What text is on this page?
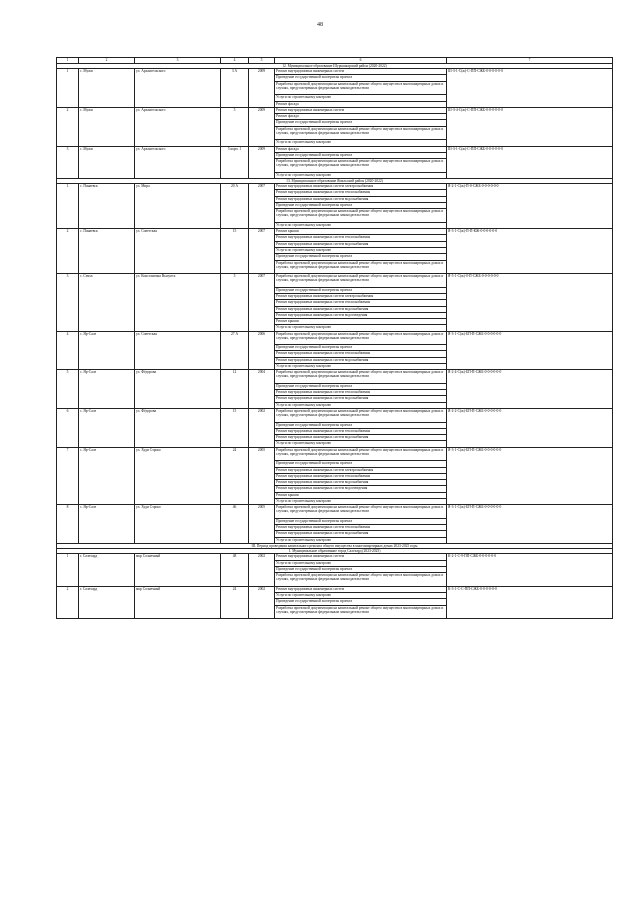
48
1	2	3	4	5	6	7
12. Муниципальное образование Шурышкарский район (2020-2022)						
1	с. Мужи	ул. Архангельского	3 А	2009	Ремонт внутридомовых инженерных систем	Ш-З-1-С(ж)-С-ПП-СЖБ-0-0-0-0-0-0
					Проведение государственной экспертизы проекта	
					Разработка проектной документации на капитальный ремонт общего имущества в многоквартирных домах и случаях, предусмотренных федеральным законодательством	
					Услуги по строительному контролю	
					Ремонт фасада	
2	с. Мужи	ул. Архангельского	5	2009	Ремонт внутридомовых инженерных систем	Ш-З-4-С(ж)-С-ПП-СЖБ-0-0-0-0-0-0
					Ремонт фасада	
					Проведение государственной экспертизы проекта	
					Разработка проектной документации на капитальный ремонт общего имущества в многоквартирных домах и случаях, предусмотренных федеральным законодательством	
					Услуги по строительному контролю	
3	с. Мужи	ул. Архангельского	5 корп. 1	2009	Ремонт фасада	Ш-З-1-С(ж)-С-ПП-СЖБ-0-0-0-0-0-0
					Проведение государственной экспертизы проекта	
					Разработка проектной документации на капитальный ремонт общего имущества в многоквартирных домах и случаях, предусмотренных федеральным законодательством	
					Услуги по строительному контролю	
13. Муниципальное образование Ямальский район (2020-2022)						
1	с. Панаевск	ул. Мира	20 А	2007	Ремонт внутридомовых инженерных систем электроснабжения	Я-2-1-С(ж)-П-0-СЖБ-0-0-0-0-0-0
					Ремонт внутридомовых инженерных систем теплоснабжения	
					Ремонт внутридомовых инженерных систем водоснабжения	
					Проведение государственной экспертизы проекта	
					Разработка проектной документации на капитальный ремонт общего имущества в многоквартирных домах и случаях, предусмотренных федеральным законодательством	
					Услуги по строительному контролю	
2	с. Панаевск	ул. Советская	15	2007	Ремонт крыши	Я-3-1-С(ж)-П-П-КЖ-0-0-0-0-0-0
					Ремонт внутридомовых инженерных систем теплоснабжения	
					Ремонт внутридомовых инженерных систем водоснабжения	
					Услуги по строительному контролю	
					Проведение государственной экспертизы проекта	
					Разработка проектной документации на капитальный ремонт общего имущества в многоквартирных домах и случаях, предусмотренных федеральным законодательством	
3	с. Сеяха	ул. Константина Вылупта	5	2007	Разработка проектной документации на капитальный ремонт общего имущества в многоквартирных домах и случаях, предусмотренных федеральным законодательством	Я-5-1-С(ж)-0-П-СЖБ-0-0-0-0-0-0
					Проведение государственной экспертизы проекта	
					Ремонт внутридомовых инженерных систем электроснабжения	
					Ремонт внутридомовых инженерных систем теплоснабжения	
					Ремонт внутридомовых инженерных систем водоснабжения	
					Ремонт внутридомовых инженерных систем водоотведения	
					Ремонт крыши	
					Услуги по строительному контролю	
4	с. Яр-Сале	ул. Советская	27 А	2006	Разработка проектной документации на капитальный ремонт общего имущества в многоквартирных домах и случаях, предусмотренных федеральным законодательством	Я-3-1-С(ж)-БП-П-СЖБ-0-0-0-0-0-0
					Проведение государственной экспертизы проекта	
					Ремонт внутридомовых инженерных систем теплоснабжения	
					Ремонт внутридомовых инженерных систем водоснабжения	
					Услуги по строительному контролю	
5	с. Яр-Сале	ул. Фёдорова	12	2004	Разработка проектной документации на капитальный ремонт общего имущества в многоквартирных домах и случаях, предусмотренных федеральным законодательством	Я-2-4-С(ж)-БП-П-СЖБ-0-0-0-0-0-0
					Проведение государственной экспертизы проекта	
					Ремонт внутридомовых инженерных систем теплоснабжения	
					Ремонт внутридомовых инженерных систем водоснабжения	
					Услуги по строительному контролю	
6	с. Яр-Сале	ул. Фёдорова	15	2002	Разработка проектной документации на капитальный ремонт общего имущества в многоквартирных домах и случаях, предусмотренных федеральным законодательством	Я-2-2-С(ж)-БП-П-СЖБ-0-0-0-0-0-0
					Проведение государственной экспертизы проекта	
					Ремонт внутридомовых инженерных систем теплоснабжения	
					Ремонт внутридомовых инженерных систем водоснабжения	
					Услуги по строительному контролю	
7	с. Яр-Сале	ул. Худи Сэроко	24	2005	Разработка проектной документации на капитальный ремонт общего имущества в многоквартирных домах и случаях, предусмотренных федеральным законодательством	Я-3-1-С(ж)-БП-П-СЖБ-0-0-0-0-0-0
					Проведение государственной экспертизы проекта	
					Ремонт внутридомовых инженерных систем электроснабжения	
					Ремонт внутридомовых инженерных систем теплоснабжения	
					Ремонт внутридомовых инженерных систем водоснабжения	
					Ремонт внутридомовых инженерных систем водоотведения	
					Ремонт крыши	
					Услуги по строительному контролю	
8	с. Яр-Сале	ул. Худи Сэроко	46	2005	Разработка проектной документации на капитальный ремонт общего имущества в многоквартирных домах и случаях, предусмотренных федеральным законодательством	Я-3-1-С(ж)-БП-П-СЖБ-0-0-0-0-0-0
					Проведение государственной экспертизы проекта	
					Ремонт внутридомовых инженерных систем теплоснабжения	
					Ремонт внутридомовых инженерных систем водоснабжения	
					Услуги по строительному контролю	
III. Период проведения капитального ремонта общего имущества в многоквартирных домах 2023-2025 годы						
1. Муниципальное образование город Салехард (2023-2025)						
1	г. Салехард	мкр Солнечный	48	2002	Ремонт внутридомовых инженерных систем	К-2-1-С-9-ПП-СЖБ-0-0-0-0-0-0
					Услуги по строительному контролю	
					Проведение государственной экспертизы проекта	
					Разработка проектной документации на капитальный ремонт общего имущества в многоквартирных домах и случаях, предусмотренных федеральным законодательством	
2	г. Салехард	мкр Солнечный	24	2002	Ремонт внутридомовых инженерных систем	К-3-1-С-С-ПП-СЖБ-0-0-0-0-0-0
					Услуги по строительному контролю	
					Проведение государственной экспертизы проекта	
					Разработка проектной документации на капитальный ремонт общего имущества в многоквартирных домах и случаях, предусмотренных федеральным законодательством	
